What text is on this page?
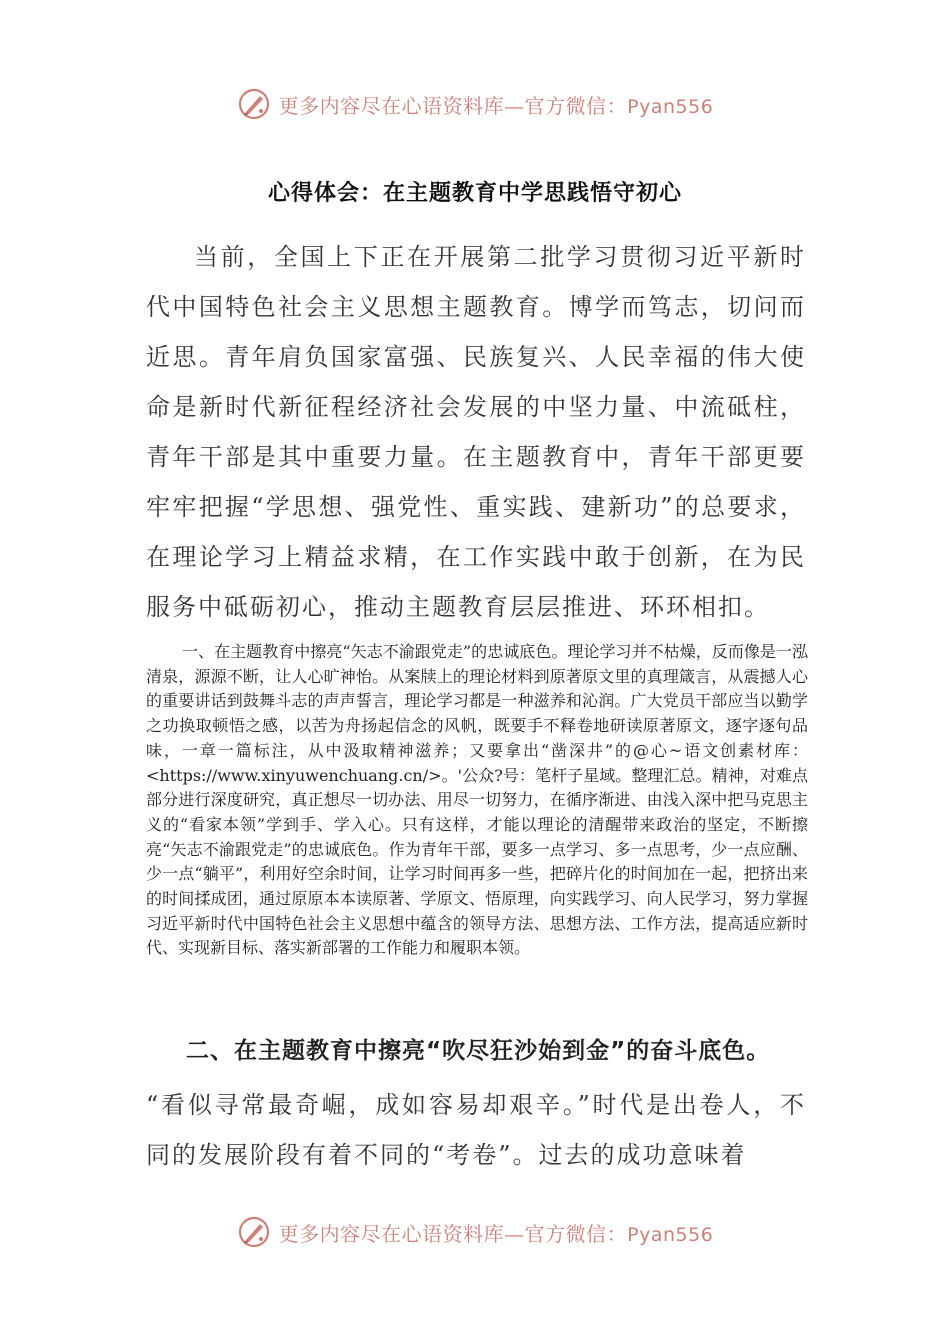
更多内容尽在心语资料库—官方微信：Pyan556
心得体会：在主题教育中学思践悟守初心
当前，全国上下正在开展第二批学习贯彻习近平新时代中国特色社会主义思想主题教育。博学而笃志，切问而近思。青年肩负国家富强、民族复兴、人民幸福的伟大使命是新时代新征程经济社会发展的中坚力量、中流砥柱，青年干部是其中重要力量。在主题教育中，青年干部更要牢牢把握“学思想、强党性、重实践、建新功”的总要求，在理论学习上精益求精，在工作实践中敢于创新，在为民服务中砥砺初心，推动主题教育层层推进、环环相扣。
一、在主题教育中擦亮“矢志不渝跟党走”的忠诚底色。理论学习并不枯燥，反而像是一泓清泉，源源不断，让人心旷神怡。从案牍上的理论材料到原著原文里的真理箴言，从震撼人心的重要讲话到鼓舞斗志的声声誓言，理论学习都是一种滋养和沁润。广大党员干部应当以勤学之功换取顿悟之感，以苦为舟扬起信念的风帆，既要手不释卷地研读原著原文，逐字逐句品味，一章一篇标注，从中汲取精神滋养；又要拿出“凿深井”的@心~语文创素材库：<https://www.xinyuwenchuang.cn/>。'公众?号：笔杆子星域。整理汇总。精神，对难点部分进行深度研究，真正想尽一切办法、用尽一切努力，在循序渐进、由浅入深中把马克思主义的“看家本领”学到手、学入心。只有这样，才能以理论的清醒带来政治的坚定，不断擦亮“矢志不渝跟党走”的忠诚底色。作为青年干部，要多一点学习、多一点思考，少一点应酬、少一点“躺平”，利用好空余时间，让学习时间再多一些，把碎片化的时间加在一起，把挤出来的时间揉成团，通过原原本本读原著、学原文、悟原理，向实践学习、向人民学习，努力掌握习近平新时代中国特色社会主义思想中蕴含的领导方法、思想方法、工作方法，提高适应新时代、实现新目标、落实新部署的工作能力和履职本领。
二、在主题教育中擦亮“吹尽狂沙始到金”的奋斗底色。
“看似寻常最奇崛，成如容易却艰辛。”时代是出卷人，不同的发展阶段有着不同的“考卷”。过去的成功意味着
更多内容尽在心语资料库—官方微信：Pyan556
